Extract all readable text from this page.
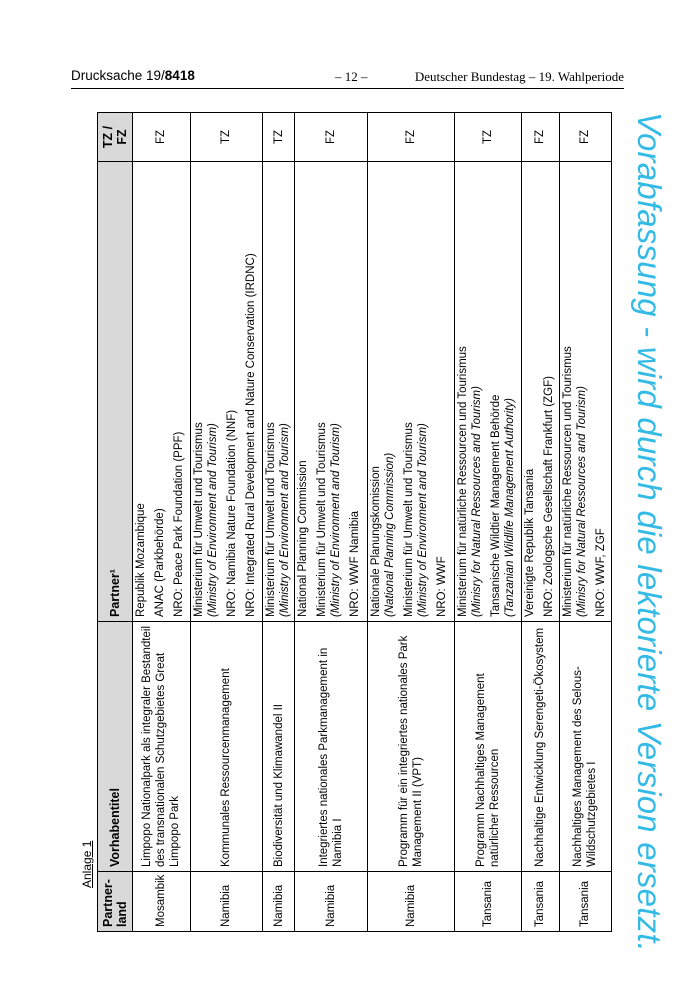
Drucksache 19/8418	– 12 –	Deutscher Bundestag – 19. Wahlperiode
Anlage 1
Partner-land	Vorhabentitel	Partner¹	TZ / FZ
Mosambik	Limpopo Nationalpark als integraler Bestandteil des transnationalen Schutzgebietes Great Limpopo Park	Republik Mozambique ANAC (Parkbehörde) NRO: Peace Park Foundation (PPF)	FZ
Namibia	Kommunales Ressourcenmanagement	Ministerium für Umwelt und Tourismus (Ministry of Environment and Tourism) NRO: Namibia Nature Foundation (NNF) NRO: Integrated Rural Development and Nature Conservation (IRDNC)	TZ
Namibia	Biodiversität und Klimawandel II	Ministerium für Umwelt und Tourismus (Ministry of Environment and Tourism)	TZ
Namibia	Integriertes nationales Parkmanagement in Namibia I	National Planning Commission Ministerium für Umwelt und Tourismus (Ministry of Environment and Tourism) NRO: WWF Namibia	FZ
Namibia	Programm für ein integriertes nationales Park Management II (VPT)	Nationale Planungskomission (National Planning Commission) Ministerium für Umwelt und Tourismus (Ministry of Environment and Tourism) NRO: WWF	FZ
Tansania	Programm Nachhaltiges Management natürlicher Ressourcen	Ministerium für natürliche Ressourcen und Tourismus (Minisry for Natural Ressources and Tourism) Tansanische Wildtier Management Behörde (Tanzanian Wildlife Management Authority)	TZ
Tansania	Nachhaltige Entwicklung Serengeti-Ökosystem	Vereinigte Republik Tansania NRO: Zoologsche Gesellschaft Frankfurt (ZGF)	FZ
Tansania	Nachhaltiges Management des Selous-Wildschutzgebietes I	Ministerium für natürliche Ressourcen und Tourismus (Minisry for Natural Ressources and Tourism) NRO: WWF, ZGF	FZ Vorabfassung - wird durch die lektorierte Version ersetzt.
